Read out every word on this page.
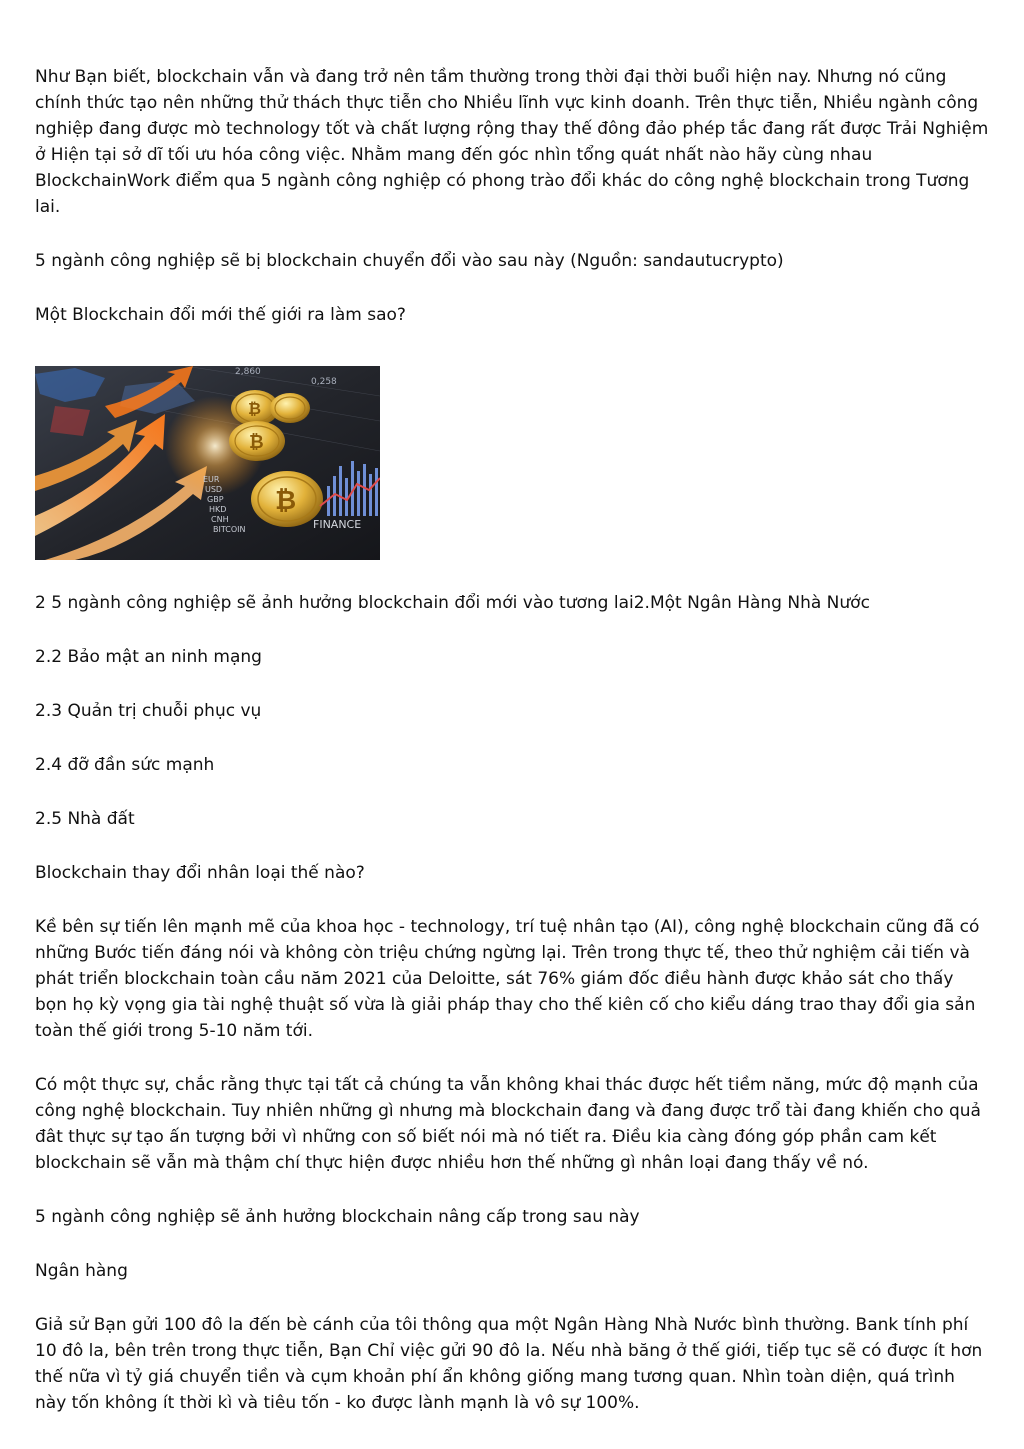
Như Bạn biết, blockchain vẫn và đang trở nên tầm thường trong thời đại thời buổi hiện nay. Nhưng nó cũng chính thức tạo nên những thử thách thực tiễn cho Nhiều lĩnh vực kinh doanh. Trên thực tiễn, Nhiều ngành công nghiệp đang được mò technology tốt và chất lượng rộng thay thế đông đảo phép tắc đang rất được Trải Nghiệm ở Hiện tại sở dĩ tối ưu hóa công việc. Nhằm mang đến góc nhìn tổng quát nhất nào hãy cùng nhau BlockchainWork điểm qua 5 ngành công nghiệp có phong trào đổi khác do công nghệ blockchain trong Tương lai.

5 ngành công nghiệp sẽ bị blockchain chuyển đổi vào sau này (Nguồn: sandautucrypto)

Một Blockchain đổi mới thế giới ra làm sao?

2,860
0,258
₿
₿
₿
EUR
USD
GBP
HKD
CNH
BITCOIN	FINANCE

2 5 ngành công nghiệp sẽ ảnh hưởng blockchain đổi mới vào tương lai2.Một Ngân Hàng Nhà Nước

2.2 Bảo mật an ninh mạng

2.3 Quản trị chuỗi phục vụ

2.4 đỡ đần sức mạnh

2.5 Nhà đất

Blockchain thay đổi nhân loại thế nào?

Kề bên sự tiến lên mạnh mẽ của khoa học - technology, trí tuệ nhân tạo (AI), công nghệ blockchain cũng đã có những Bước tiến đáng nói và không còn triệu chứng ngừng lại. Trên trong thực tế, theo thử nghiệm cải tiến và phát triển blockchain toàn cầu năm 2021 của Deloitte, sát 76% giám đốc điều hành được khảo sát cho thấy bọn họ kỳ vọng gia tài nghệ thuật số vừa là giải pháp thay cho thế kiên cố cho kiểu dáng trao thay đổi gia sản toàn thế giới trong 5-10 năm tới.

Có một thực sự, chắc rằng thực tại tất cả chúng ta vẫn không khai thác được hết tiềm năng, mức độ mạnh của công nghệ blockchain. Tuy nhiên những gì nhưng mà blockchain đang và đang được trổ tài đang khiến cho quả đât thực sự tạo ấn tượng bởi vì những con số biết nói mà nó tiết ra. Điều kia càng đóng góp phần cam kết blockchain sẽ vẫn mà thậm chí thực hiện được nhiều hơn thế những gì nhân loại đang thấy về nó.

5 ngành công nghiệp sẽ ảnh hưởng blockchain nâng cấp trong sau này

Ngân hàng

Giả sử Bạn gửi 100 đô la đến bè cánh của tôi thông qua một Ngân Hàng Nhà Nước bình thường. Bank tính phí 10 đô la, bên trên trong thực tiễn, Bạn Chỉ việc gửi 90 đô la. Nếu nhà băng ở thế giới, tiếp tục sẽ có được ít hơn thế nữa vì tỷ giá chuyển tiền và cụm khoản phí ẩn không giống mang tương quan. Nhìn toàn diện, quá trình này tốn không ít thời kì và tiêu tốn - ko được lành mạnh là vô sự 100%.
